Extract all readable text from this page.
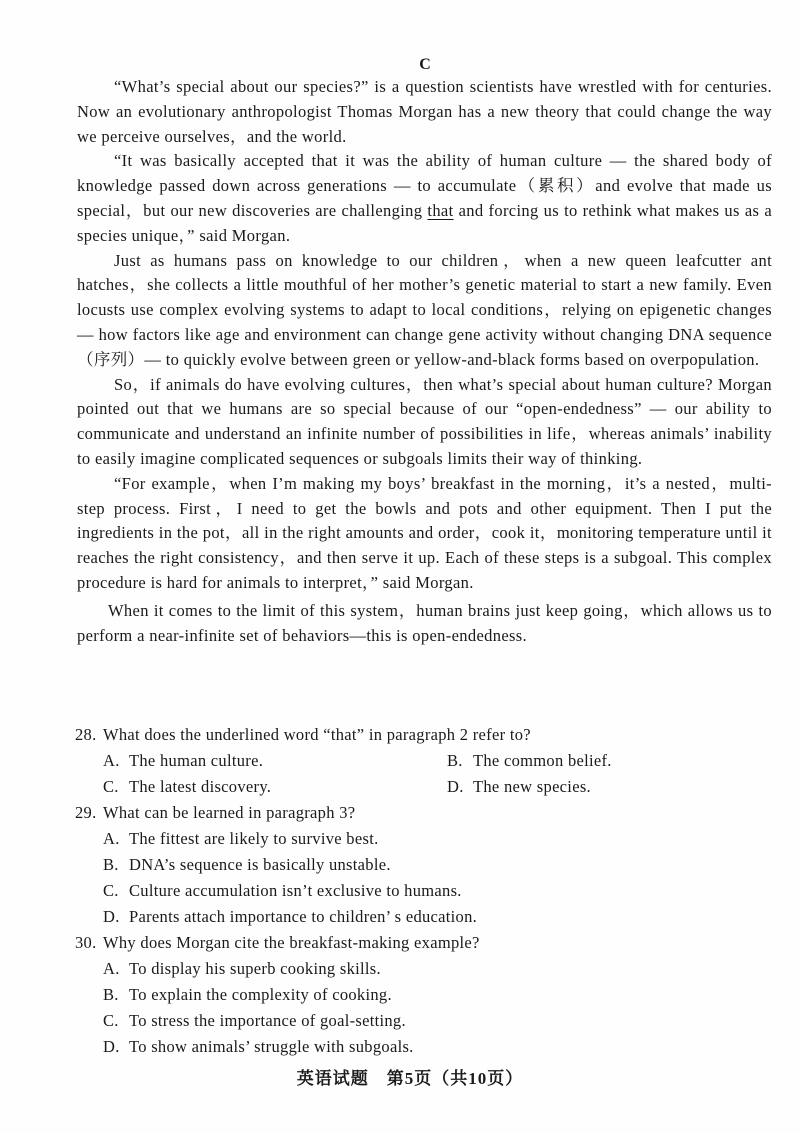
C

“What’s special about our species?” is a question scientists have wrestled with for centuries. Now an evolutionary anthropologist Thomas Morgan has a new theory that could change the way we perceive ourselves，and the world.

“It was basically accepted that it was the ability of human culture — the shared body of knowledge passed down across generations — to accumulate（累积）and evolve that made us special，but our new discoveries are challenging that and forcing us to rethink what makes us as a species unique，” said Morgan.

Just as humans pass on knowledge to our children，when a new queen leafcutter ant hatches，she collects a little mouthful of her mother’s genetic material to start a new family. Even locusts use complex evolving systems to adapt to local conditions，relying on epigenetic changes — how factors like age and environment can change gene activity without changing DNA sequence（序列）— to quickly evolve between green or yellow-and-black forms based on overpopulation.

So，if animals do have evolving cultures，then what’s special about human culture? Morgan pointed out that we humans are so special because of our “open-endedness” — our ability to communicate and understand an infinite number of possibilities in life，whereas animals’ inability to easily imagine complicated sequences or subgoals limits their way of thinking.

“For example，when I’m making my boys’ breakfast in the morning，it’s a nested，multi-step process. First，I need to get the bowls and pots and other equipment. Then I put the ingredients in the pot，all in the right amounts and order，cook it，monitoring temperature until it reaches the right consistency，and then serve it up. Each of these steps is a subgoal. This complex procedure is hard for animals to interpret，” said Morgan.

When it comes to the limit of this system，human brains just keep going，which allows us to perform a near-infinite set of behaviors—this is open-endedness.

28. What does the underlined word “that” in paragraph 2 refer to?
A. The human culture.	B. The common belief.
C. The latest discovery.	D. The new species.
29. What can be learned in paragraph 3?
A. The fittest are likely to survive best.
B. DNA’s sequence is basically unstable.
C. Culture accumulation isn’t exclusive to humans.
D. Parents attach importance to children’ s education.
30. Why does Morgan cite the breakfast-making example?
A. To display his superb cooking skills.
B. To explain the complexity of cooking.
C. To stress the importance of goal-setting.
D. To show animals’ struggle with subgoals.
英语试题　第5页（共10页）
